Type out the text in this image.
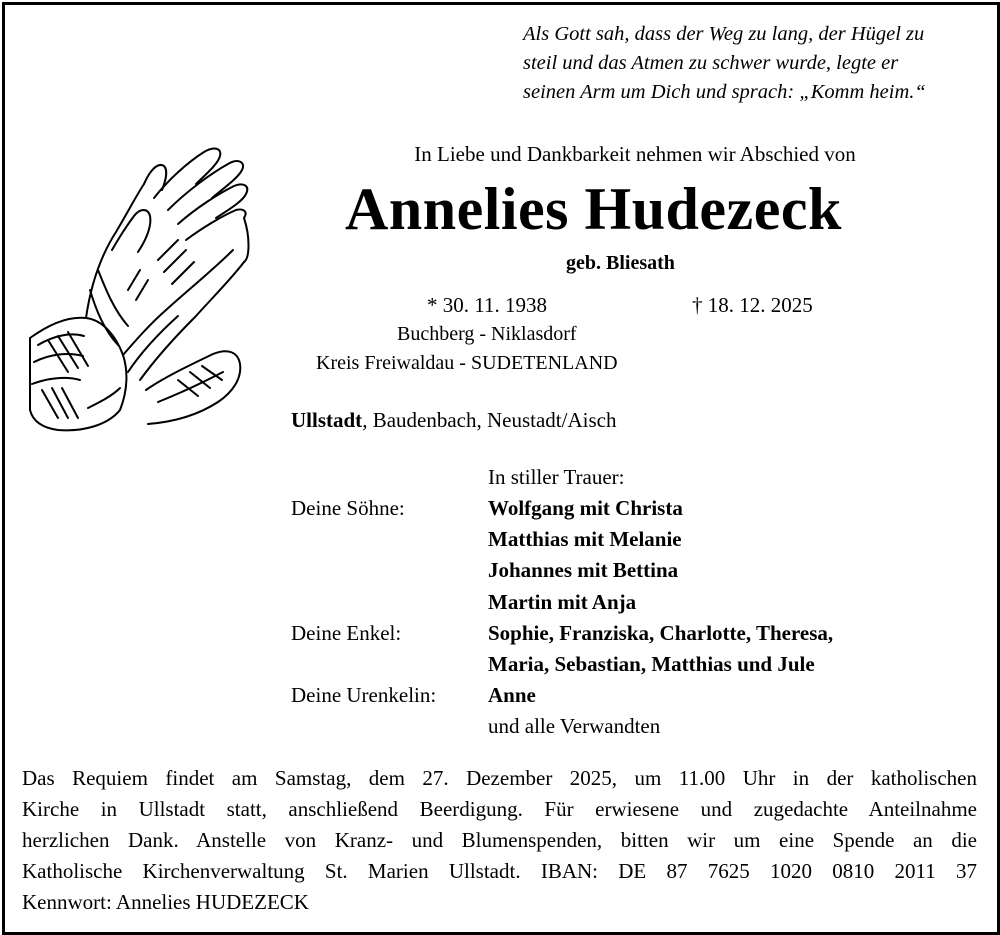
Als Gott sah, dass der Weg zu lang, der Hügel zu
steil und das Atmen zu schwer wurde, legte er
seinen Arm um Dich und sprach: „Komm heim.“
In Liebe und Dankbarkeit nehmen wir Abschied von
Annelies Hudezeck
geb. Bliesath
* 30. 11. 1938	† 18. 12. 2025
Buchberg - Niklasdorf
Kreis Freiwaldau - SUDETENLAND
Ullstadt, Baudenbach, Neustadt/Aisch
In stiller Trauer:
Deine Söhne:	Wolfgang mit Christa
Matthias mit Melanie
Johannes mit Bettina
Martin mit Anja
Deine Enkel:	Sophie, Franziska, Charlotte, Theresa,
Maria, Sebastian, Matthias und Jule
Deine Urenkelin: Anne
und alle Verwandten
Das Requiem findet am Samstag, dem 27. Dezember 2025, um 11.00 Uhr in der katholischen
Kirche in Ullstadt statt, anschließend Beerdigung. Für erwiesene und zugedachte Anteilnahme
herzlichen Dank. Anstelle von Kranz- und Blumenspenden, bitten wir um eine Spende an die
Katholische Kirchenverwaltung St. Marien Ullstadt. IBAN: DE 87 7625 1020 0810 2011 37
Kennwort: Annelies HUDEZECK
